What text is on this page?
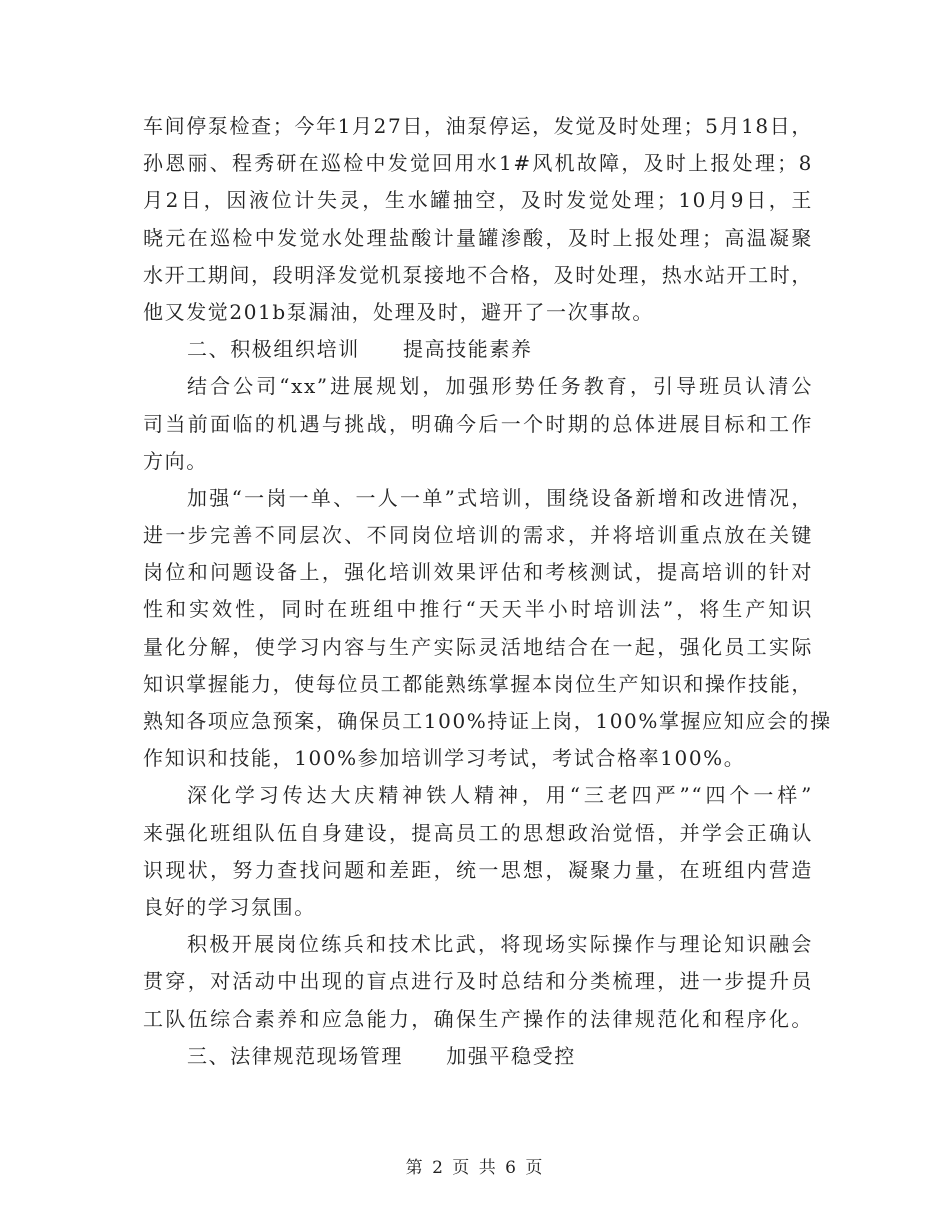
车间停泵检查；今年1月27日，油泵停运，发觉及时处理；5月18日，
孙恩丽、程秀研在巡检中发觉回用水1#风机故障，及时上报处理；8
月2日，因液位计失灵，生水罐抽空，及时发觉处理；10月9日，王
晓元在巡检中发觉水处理盐酸计量罐渗酸，及时上报处理；高温凝聚
水开工期间，段明泽发觉机泵接地不合格，及时处理，热水站开工时，
他又发觉201b泵漏油，处理及时，避开了一次事故。
二、积极组织培训　　提高技能素养
结合公司“xx”进展规划，加强形势任务教育，引导班员认清公
司当前面临的机遇与挑战，明确今后一个时期的总体进展目标和工作
方向。
加强“一岗一单、一人一单”式培训，围绕设备新增和改进情况，
进一步完善不同层次、不同岗位培训的需求，并将培训重点放在关键
岗位和问题设备上，强化培训效果评估和考核测试，提高培训的针对
性和实效性，同时在班组中推行“天天半小时培训法”，将生产知识
量化分解，使学习内容与生产实际灵活地结合在一起，强化员工实际
知识掌握能力，使每位员工都能熟练掌握本岗位生产知识和操作技能，
熟知各项应急预案，确保员工100%持证上岗，100%掌握应知应会的操
作知识和技能，100%参加培训学习考试，考试合格率100%。
深化学习传达大庆精神铁人精神，用“三老四严”“四个一样”
来强化班组队伍自身建设，提高员工的思想政治觉悟，并学会正确认
识现状，努力查找问题和差距，统一思想，凝聚力量，在班组内营造
良好的学习氛围。
积极开展岗位练兵和技术比武，将现场实际操作与理论知识融会
贯穿，对活动中出现的盲点进行及时总结和分类梳理，进一步提升员
工队伍综合素养和应急能力，确保生产操作的法律规范化和程序化。
三、法律规范现场管理　　加强平稳受控
第 2 页 共 6 页
